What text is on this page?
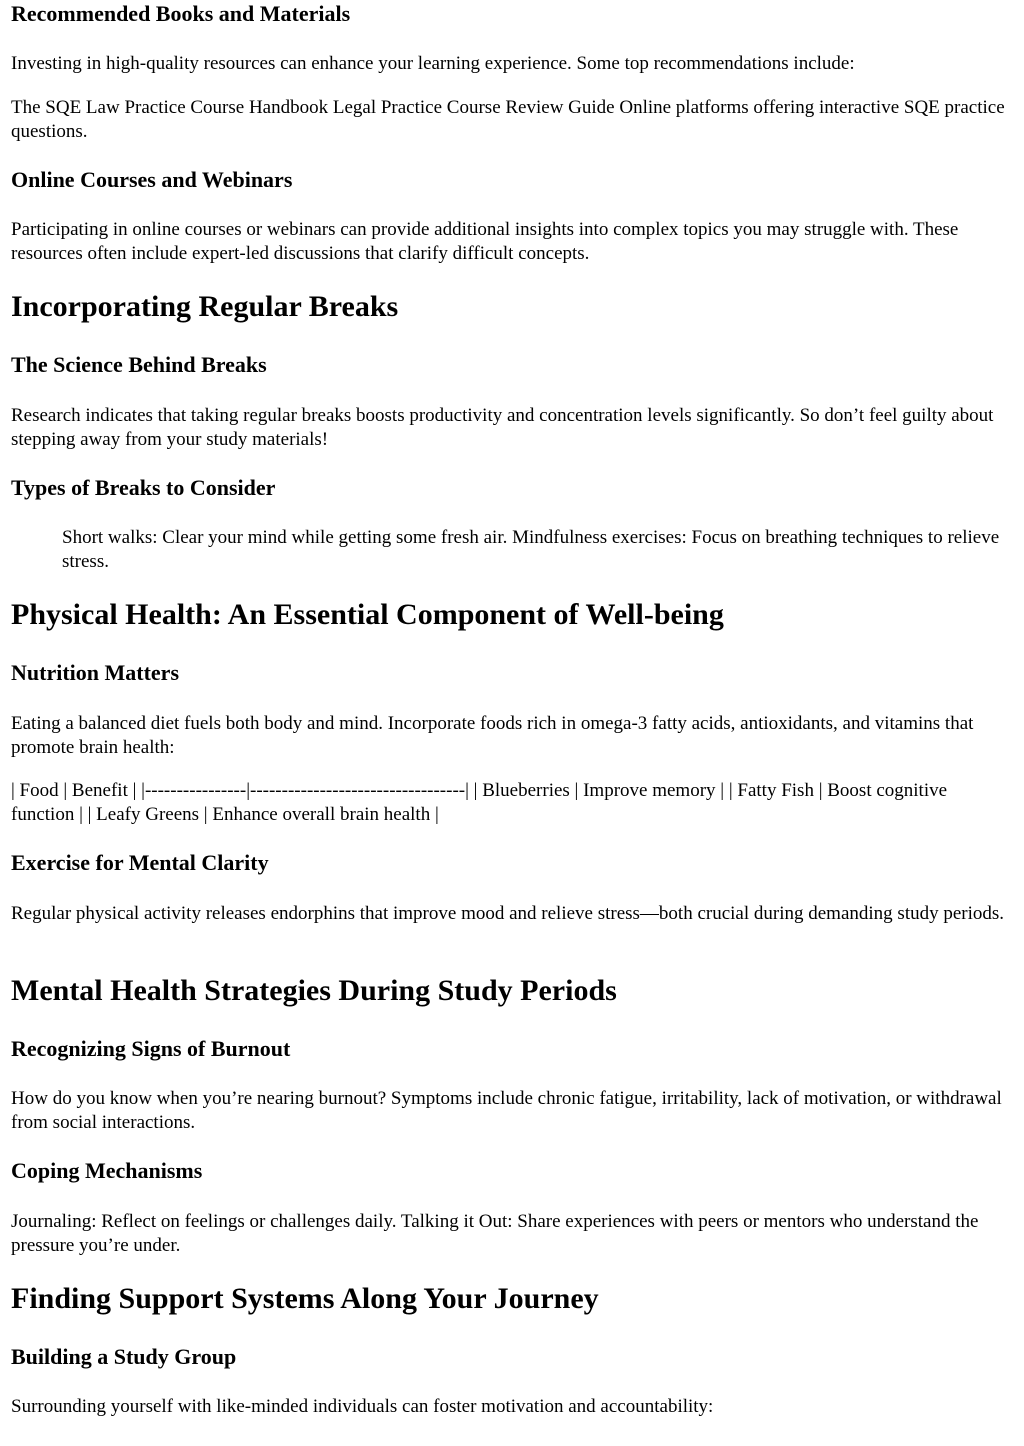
Recommended Books and Materials

Investing in high-quality resources can enhance your learning experience. Some top recommendations include:

The SQE Law Practice Course Handbook Legal Practice Course Review Guide Online platforms offering interactive SQE practice questions.

Online Courses and Webinars

Participating in online courses or webinars can provide additional insights into complex topics you may struggle with. These resources often include expert-led discussions that clarify difficult concepts.

Incorporating Regular Breaks
The Science Behind Breaks

Research indicates that taking regular breaks boosts productivity and concentration levels significantly. So don’t feel guilty about stepping away from your study materials!

Types of Breaks to Consider

Short walks: Clear your mind while getting some fresh air. Mindfulness exercises: Focus on breathing techniques to relieve stress.

Physical Health: An Essential Component of Well-being
Nutrition Matters

Eating a balanced diet fuels both body and mind. Incorporate foods rich in omega-3 fatty acids, antioxidants, and vitamins that promote brain health:

| Food | Benefit | |----------------|----------------------------------| | Blueberries | Improve memory | | Fatty Fish | Boost cognitive function | | Leafy Greens | Enhance overall brain health |

Exercise for Mental Clarity

Regular physical activity releases endorphins that improve mood and relieve stress—both crucial during demanding study periods.

Mental Health Strategies During Study Periods
Recognizing Signs of Burnout

How do you know when you’re nearing burnout? Symptoms include chronic fatigue, irritability, lack of motivation, or withdrawal from social interactions.

Coping Mechanisms

Journaling: Reflect on feelings or challenges daily. Talking it Out: Share experiences with peers or mentors who understand the pressure you’re under.

Finding Support Systems Along Your Journey
Building a Study Group

Surrounding yourself with like-minded individuals can foster motivation and accountability:
